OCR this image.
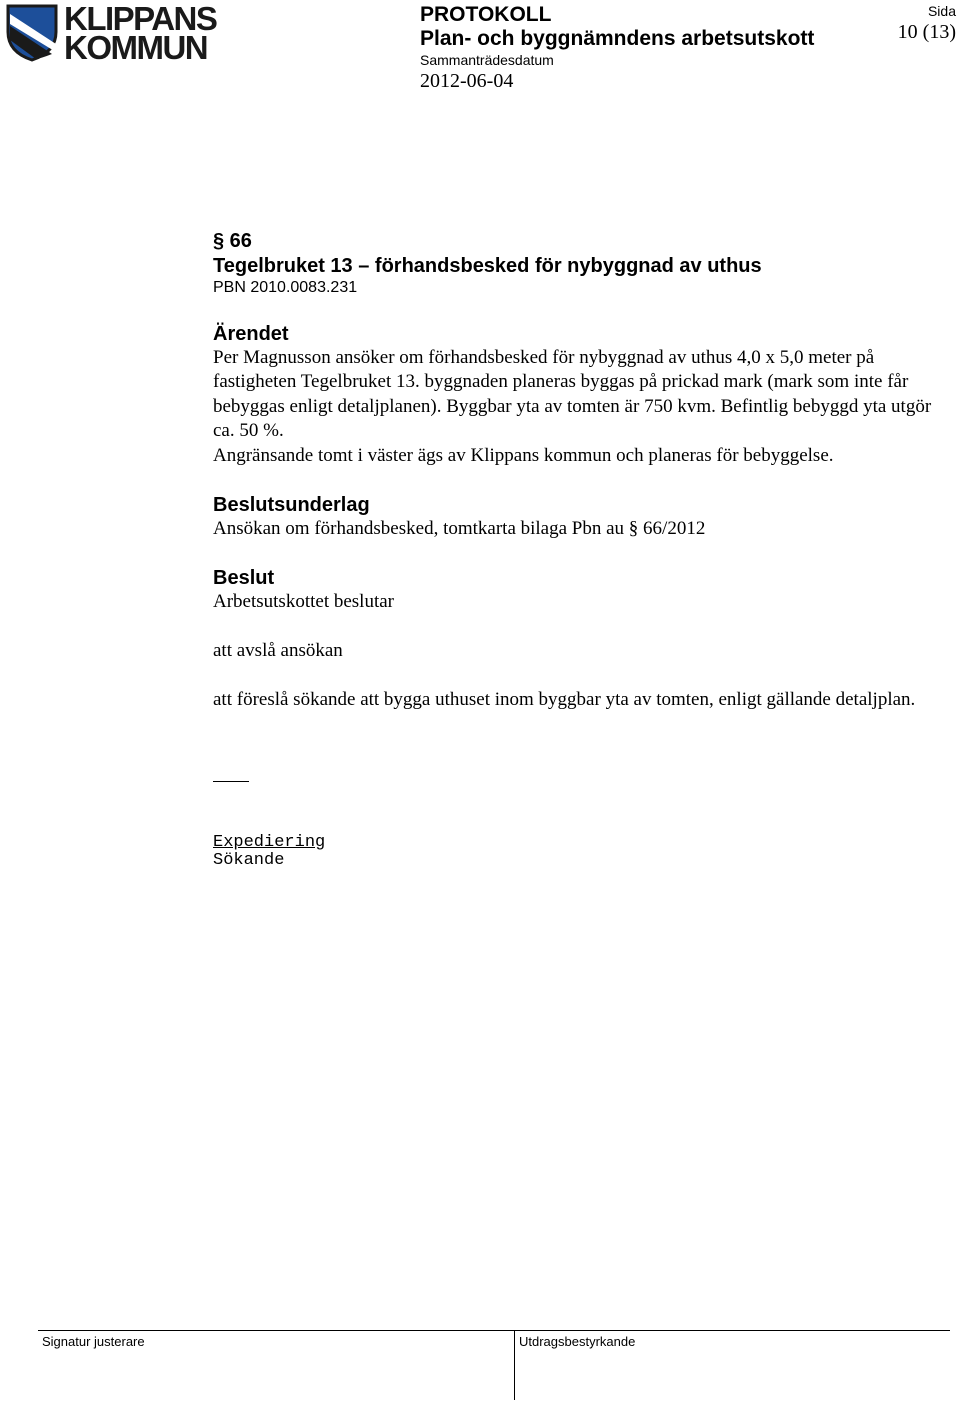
KLIPPANS
KOMMUN
PROTOKOLL
Plan- och byggnämndens arbetsutskott
Sammanträdesdatum
2012-06-04
Sida
10 (13)
§ 66
Tegelbruket 13 – förhandsbesked för nybyggnad av uthus
PBN 2010.0083.231
Ärendet
Per Magnusson ansöker om förhandsbesked för nybyggnad av uthus 4,0 x 5,0 meter på fastigheten Tegelbruket 13. byggnaden planeras byggas på prickad mark (mark som inte får bebyggas enligt detaljplanen). Byggbar yta av tomten är 750 kvm. Befintlig bebyggd yta utgör ca. 50 %.
Angränsande tomt i väster ägs av Klippans kommun och planeras för bebyggelse.
Beslutsunderlag
Ansökan om förhandsbesked, tomtkarta bilaga Pbn au § 66/2012
Beslut
Arbetsutskottet beslutar
att avslå ansökan
att föreslå sökande att bygga uthuset inom byggbar yta av tomten, enligt gällande detaljplan.
Expediering
Sökande
Signatur justerare	Utdragsbestyrkande
